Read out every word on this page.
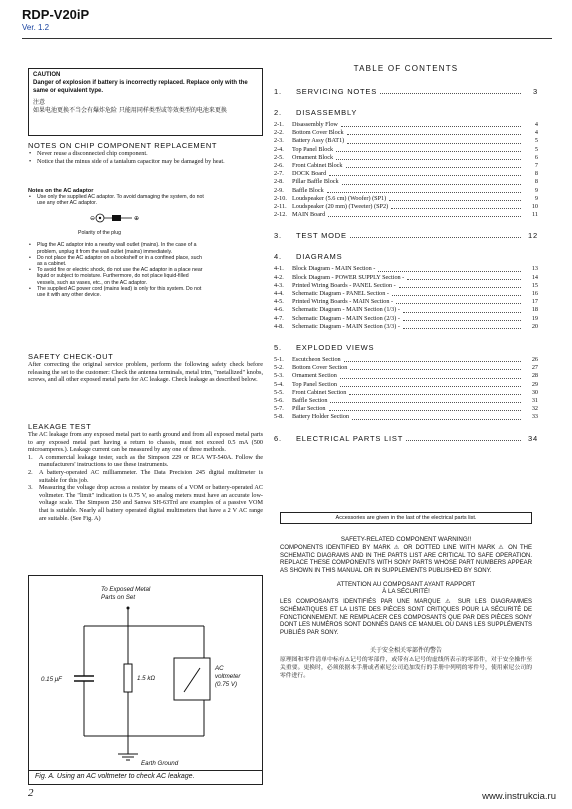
RDP-V20iP
Ver. 1.2
CAUTION
Danger of explosion if battery is incorrectly replaced. Replace only with the same or equivalent type.
注意
如果电池更换不当会有爆炸危险 只能用同样类型或等效类型的电池来更换
NOTES ON CHIP COMPONENT REPLACEMENT
• Never reuse a disconnected chip component.
• Notice that the minus side of a tantalum capacitor may be damaged by heat.
Notes on the AC adaptor
• Use only the supplied AC adaptor. To avoid damaging the system, do not use any other AC adaptor.
⊖	⊕
Polarity of the plug
• Plug the AC adaptor into a nearby wall outlet (mains). In the case of a problem, unplug it from the wall outlet (mains) immediately.
• Do not place the AC adaptor on a bookshelf or in a confined place, such as a cabinet.
• To avoid fire or electric shock, do not use the AC adaptor in a place near liquid or subject to moisture. Furthermore, do not place liquid-filled vessels, such as vases, etc., on the AC adaptor.
• The supplied AC power cord (mains lead) is only for this system. Do not use it with any other device.
SAFETY CHECK-OUT
After correcting the original service problem, perform the following safety check before releasing the set to the customer: Check the antenna terminals, metal trim, "metallized" knobs, screws, and all other exposed metal parts for AC leakage. Check leakage as described below.
LEAKAGE TEST
The AC leakage from any exposed metal part to earth ground and from all exposed metal parts to any exposed metal part having a return to chassis, must not exceed 0.5 mA (500 microamperes.). Leakage current can be measured by any one of three methods.
1. A commercial leakage tester, such as the Simpson 229 or RCA WT-540A. Follow the manufacturers' instructions to use these instruments.
2. A battery-operated AC milliammeter. The Data Precision 245 digital multimeter is suitable for this job.
3. Measuring the voltage drop across a resistor by means of a VOM or battery-operated AC voltmeter. The "limit" indication is 0.75 V, so analog meters must have an accurate low-voltage scale. The Simpson 250 and Sanwa SH-63Trd are examples of a passive VOM that is suitable. Nearly all battery operated digital multimeters that have a 2 V AC range are suitable. (See Fig. A)
To Exposed Metal
Parts on Set
0.15 μF	1.5 kΩ
AC
voltmeter
(0.75 V)
Earth Ground
Fig. A. Using an AC voltmeter to check AC leakage.
TABLE OF CONTENTS
1.	SERVICING NOTES	3
2.	DISASSEMBLY
2-1.	Disassembly Flow	4
2-2.	Bottom Cover Block	4
2-3.	Battery Assy (BAT1)	5
2-4.	Top Panel Block	5
2-5.	Ornament Block	6
2-6.	Front Cabinet Block	7
2-7.	DOCK Board	8
2-8.	Pillar Baffle Block	8
2-9.	Baffle Block	9
2-10. Loudspeaker (5.6 cm) (Woofer) (SP1)	9
2-11. Loudspeaker (20 mm) (Tweeter) (SP2)	10
2-12. MAIN Board	11
3.	TEST MODE	12
4.	DIAGRAMS
4-1.	Block Diagram - MAIN Section -	13
4-2.	Block Diagram - POWER SUPPLY Section -	14
4-3.	Printed Wiring Boards - PANEL Section -	15
4-4.	Schematic Diagram - PANEL Section -	16
4-5.	Printed Wiring Boards - MAIN Section -	17
4-6.	Schematic Diagram - MAIN Section (1/3) -	18
4-7.	Schematic Diagram - MAIN Section (2/3) -	19
4-8.	Schematic Diagram - MAIN Section (3/3) -	20
5.	EXPLODED VIEWS
5-1.	Escutcheon Section	26
5-2.	Bottom Cover Section	27
5-3.	Ornament Section	28
5-4.	Top Panel Section	29
5-5.	Front Cabinet Section	30
5-6.	Baffle Section	31
5-7.	Pillar Section	32
5-8.	Battery Holder Section	33
6.	ELECTRICAL PARTS LIST	34
Accessories are given in the last of the electrical parts list.
SAFETY-RELATED COMPONENT WARNING!!
COMPONENTS IDENTIFIED BY MARK ⚠ OR DOTTED LINE WITH MARK ⚠ ON THE SCHEMATIC DIAGRAMS AND IN THE PARTS LIST ARE CRITICAL TO SAFE OPERATION. REPLACE THESE COMPONENTS WITH SONY PARTS WHOSE PART NUMBERS APPEAR AS SHOWN IN THIS MANUAL OR IN SUPPLEMENTS PUBLISHED BY SONY.
ATTENTION AU COMPOSANT AYANT RAPPORT
À LA SÉCURITÉ!
LES COMPOSANTS IDENTIFIÉS PAR UNE MARQUE ⚠ SUR LES DIAGRAMMES SCHÉMATIQUES ET LA LISTE DES PIÈCES SONT CRITIQUES POUR LA SÉCURITÉ DE FONCTIONNEMENT. NE REMPLACER CES COMPOSANTS QUE PAR DES PIÈCES SONY DONT LES NUMÉROS SONT DONNÉS DANS CE MANUEL OU DANS LES SUPPLÉMENTS PUBLIÉS PAR SONY.
关于安全相关零部件的警告
原理图和零件清单中标有⚠记号的零部件，或带有⚠记号的虚线所表示的零部件，对于安全操作至关重要。更换时，必须依据本手册或者索尼公司追加发行的手册中列明的零件号，使用索尼公司的零件进行。
2	www.instrukcia.ru
